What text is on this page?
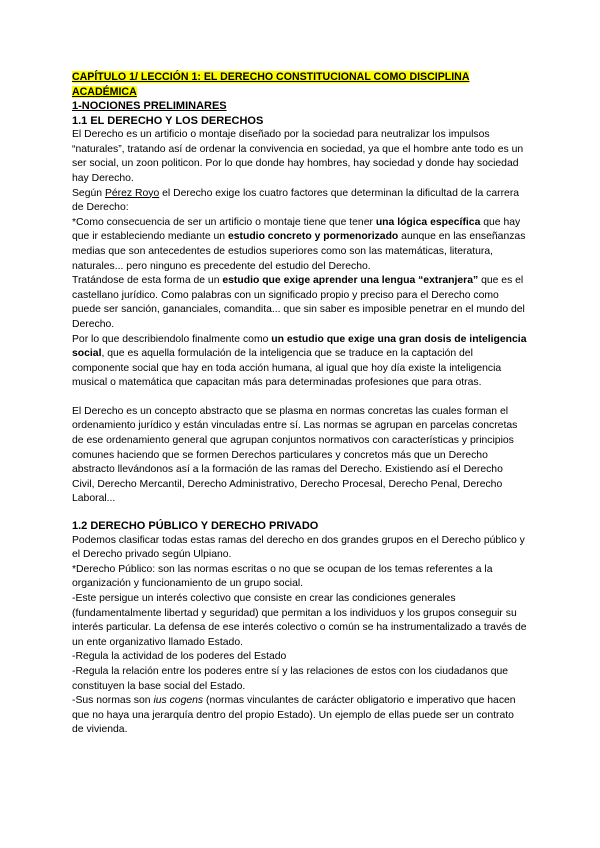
CAPÍTULO 1/ LECCIÓN 1: EL DERECHO CONSTITUCIONAL COMO DISCIPLINA ACADÉMICA
1-NOCIONES PRELIMINARES
1.1 EL DERECHO Y LOS DERECHOS

El Derecho es un artificio o montaje diseñado por la sociedad para neutralizar los impulsos “naturales”, tratando así de ordenar la convivencia en sociedad, ya que el hombre ante todo es un ser social, un zoon politicon. Por lo que donde hay hombres, hay sociedad y donde hay sociedad hay Derecho.

Según Pérez Royo el Derecho exige los cuatro factores que determinan la dificultad de la carrera de Derecho:

*Como consecuencia de ser un artificio o montaje tiene que tener una lógica específica que hay que ir estableciendo mediante un estudio concreto y pormenorizado aunque en las enseñanzas medias que son antecedentes de estudios superiores como son las matemáticas, literatura, naturales... pero ninguno es precedente del estudio del Derecho.

Tratándose de esta forma de un estudio que exige aprender una lengua “extranjera” que es el castellano jurídico. Como palabras con un significado propio y preciso para el Derecho como puede ser sanción, gananciales, comandita... que sin saber es imposible penetrar en el mundo del Derecho.

Por lo que describiendolo finalmente como un estudio que exige una gran dosis de inteligencia social, que es aquella formulación de la inteligencia que se traduce en la captación del componente social que hay en toda acción humana, al igual que hoy día existe la inteligencia musical o matemática que capacitan más para determinadas profesiones que para otras.

El Derecho es un concepto abstracto que se plasma en normas concretas las cuales forman el ordenamiento jurídico y están vinculadas entre sí. Las normas se agrupan en parcelas concretas de ese ordenamiento general que agrupan conjuntos normativos con características y principios comunes haciendo que se formen Derechos particulares y concretos más que un Derecho abstracto llevándonos así a la formación de las ramas del Derecho. Existiendo así el Derecho Civil, Derecho Mercantil, Derecho Administrativo, Derecho Procesal, Derecho Penal, Derecho Laboral...

1.2 DERECHO PÚBLICO Y DERECHO PRIVADO

Podemos clasificar todas estas ramas del derecho en dos grandes grupos en el Derecho público y el Derecho privado según Ulpiano.

*Derecho Público: son las normas escritas o no que se ocupan de los temas referentes a la organización y funcionamiento de un grupo social.

-Este persigue un interés colectivo que consiste en crear las condiciones generales (fundamentalmente libertad y seguridad) que permitan a los individuos y los grupos conseguir su interés particular. La defensa de ese interés colectivo o común se ha instrumentalizado a través de un ente organizativo llamado Estado.

-Regula la actividad de los poderes del Estado

-Regula la relación entre los poderes entre sí y las relaciones de estos con los ciudadanos que constituyen la base social del Estado.

-Sus normas son ius cogens (normas vinculantes de carácter obligatorio e imperativo que hacen que no haya una jerarquía dentro del propio Estado). Un ejemplo de ellas puede ser un contrato de vivienda.
